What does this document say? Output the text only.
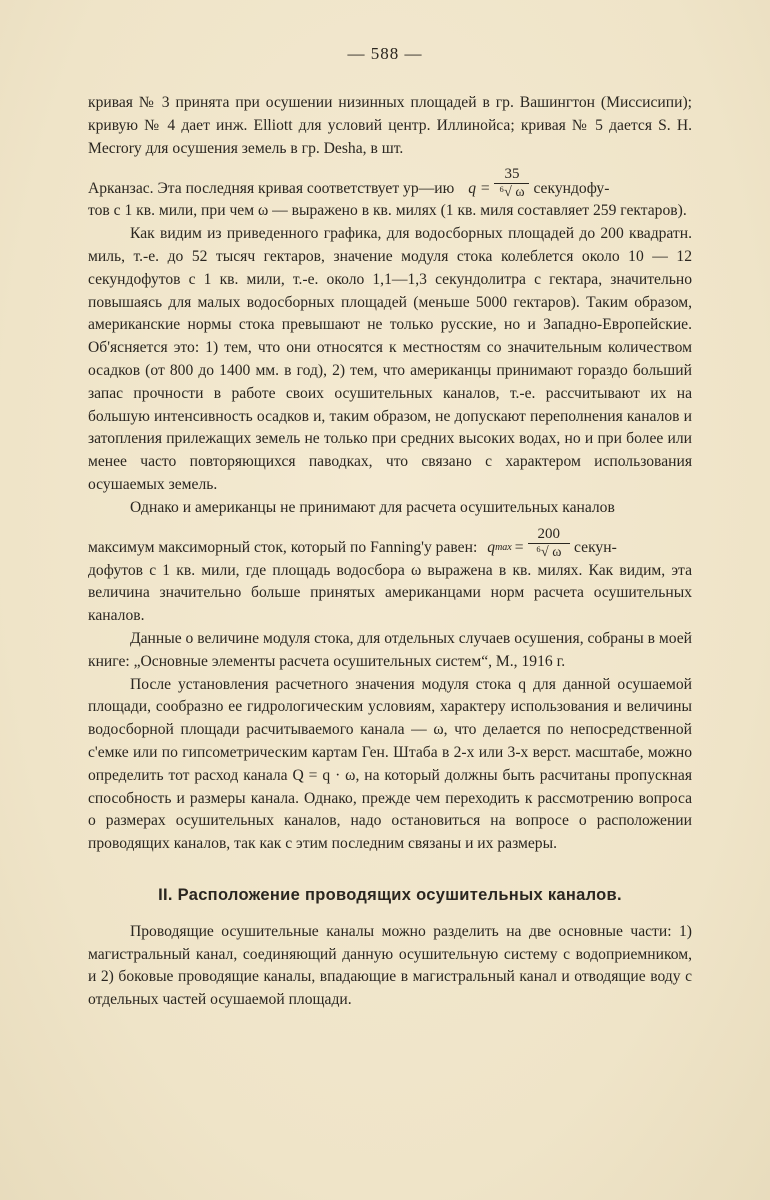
— 588 —

кривая № 3 принята при осушении низинных площадей в гр. Вашингтон (Миссисипи); кривую № 4 дает инж. Elliott для условий центр. Иллинойса; кривая № 5 дается S. H. Mecrory для осушения земель в гр. Desha, в шт.

Арканзас. Эта последняя кривая соответствует ур—ию $q = \frac{35}{\text{⁶√ ω}}$ секундофу-

тов с 1 кв. мили, при чем ω — выражено в кв. милях (1 кв. миля составляет 259 гектаров).

Как видим из приведенного графика, для водосборных площадей до 200 квадратн. миль, т.-е. до 52 тысяч гектаров, значение модуля стока колеблется около 10 — 12 секундофутов с 1 кв. мили, т.-е. около 1,1—1,3 секундолитра с гектара, значительно повышаясь для малых водосборных площадей (меньше 5000 гектаров). Таким образом, американские нормы стока превышают не только русские, но и Западно-Европейские. Об'ясняется это: 1) тем, что они относятся к местностям со значительным количеством осадков (от 800 до 1400 мм. в год), 2) тем, что американцы принимают гораздо больший запас прочности в работе своих осушительных каналов, т.-е. рассчитывают их на большую интенсивность осадков и, таким образом, не допускают переполнения каналов и затопления прилежащих земель не только при средних высоких водах, но и при более или менее часто повторяющихся паводках, что связано с характером использования осушаемых земель.

Однако и американцы не принимают для расчета осушительных каналов

максимум максиморный сток, который по Fanning'y равен: q $\max = \frac{200}{\text{⁶√ ω}}$ секун-

дофутов с 1 кв. мили, где площадь водосбора ω выражена в кв. милях. Как видим, эта величина значительно больше принятых американцами норм расчета осушительных каналов.

Данные о величине модуля стока, для отдельных случаев осушения, собраны в моей книге: „Основные элементы расчета осушительных систем“, М., 1916 г.

После установления расчетного значения модуля стока q для данной осушаемой площади, сообразно ее гидрологическим условиям, характеру использования и величины водосборной площади расчитываемого канала — ω, что делается по непосредственной с'емке или по гипсометрическим картам Ген. Штаба в 2-х или 3-х верст. масштабе, можно определить тот расход канала Q = q · ω, на который должны быть расчитаны пропускная способность и размеры канала. Однако, прежде чем переходить к рассмотрению вопроса о размерах осушительных каналов, надо остановиться на вопросе о расположении проводящих каналов, так как с этим последним связаны и их размеры.

II. Расположение проводящих осушительных каналов.

Проводящие осушительные каналы можно разделить на две основные части: 1) магистральный канал, соединяющий данную осушительную систему с водоприемником, и 2) боковые проводящие каналы, впадающие в магистральный канал и отводящие воду с отдельных частей осушаемой площади.
